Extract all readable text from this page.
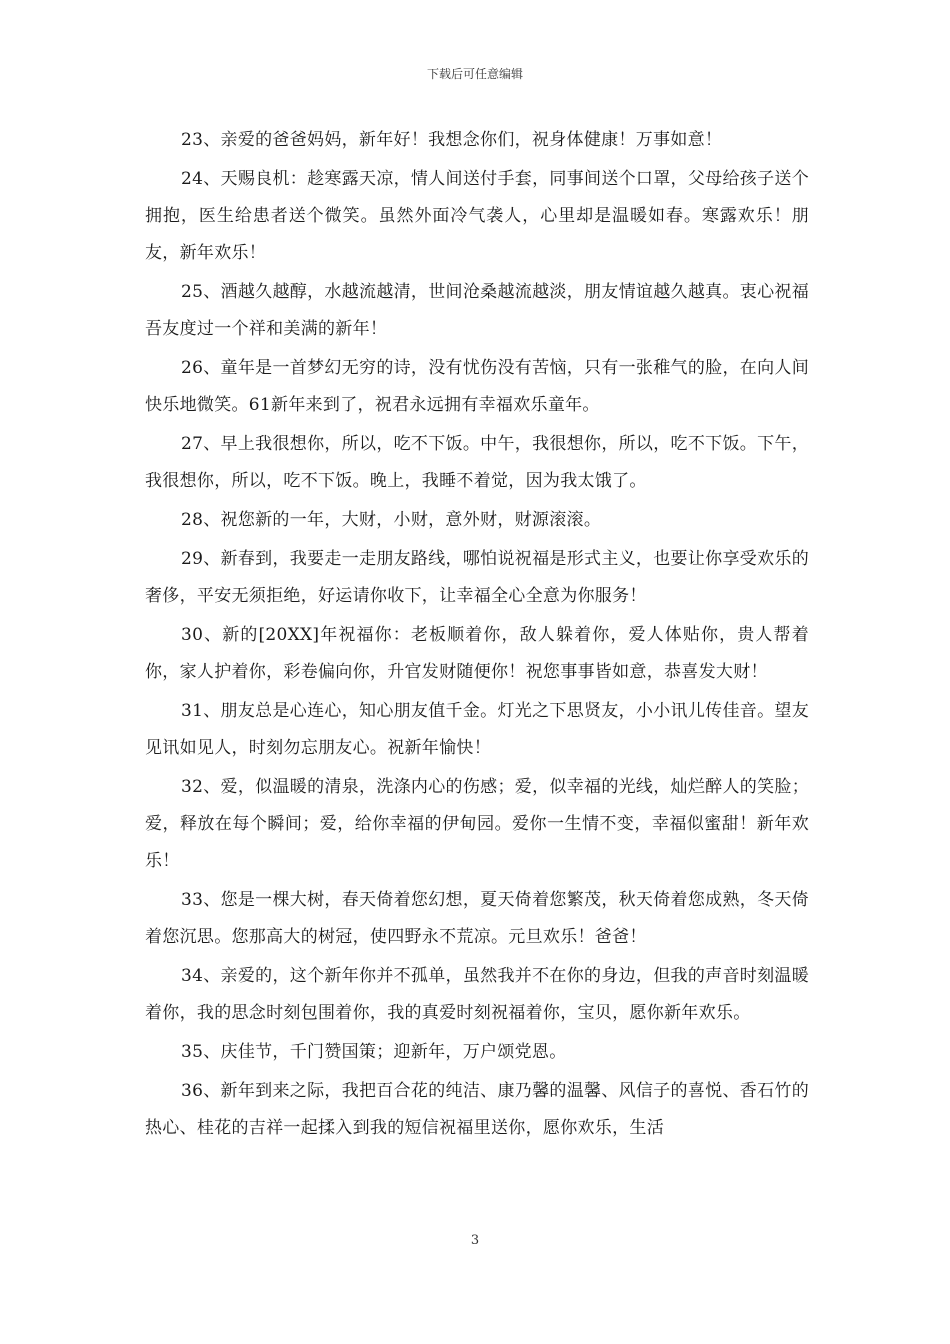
下载后可任意编辑

23、亲爱的爸爸妈妈，新年好！我想念你们，祝身体健康！万事如意！

24、天赐良机：趁寒露天凉，情人间送付手套，同事间送个口罩，父母给孩子送个拥抱，医生给患者送个微笑。虽然外面冷气袭人，心里却是温暖如春。寒露欢乐！朋友，新年欢乐！

25、酒越久越醇，水越流越清，世间沧桑越流越淡，朋友情谊越久越真。衷心祝福吾友度过一个祥和美满的新年！

26、童年是一首梦幻无穷的诗，没有忧伤没有苦恼，只有一张稚气的脸，在向人间快乐地微笑。61新年来到了，祝君永远拥有幸福欢乐童年。

27、早上我很想你，所以，吃不下饭。中午，我很想你，所以，吃不下饭。下午，我很想你，所以，吃不下饭。晚上，我睡不着觉，因为我太饿了。

28、祝您新的一年，大财，小财，意外财，财源滚滚。

29、新春到，我要走一走朋友路线，哪怕说祝福是形式主义，也要让你享受欢乐的奢侈，平安无须拒绝，好运请你收下，让幸福全心全意为你服务！

30、新的[20XX]年祝福你：老板顺着你，敌人躲着你，爱人体贴你，贵人帮着你，家人护着你，彩卷偏向你，升官发财随便你！祝您事事皆如意，恭喜发大财！

31、朋友总是心连心，知心朋友值千金。灯光之下思贤友，小小讯儿传佳音。望友见讯如见人，时刻勿忘朋友心。祝新年愉快！

32、爱，似温暖的清泉，洗涤内心的伤感；爱，似幸福的光线，灿烂醉人的笑脸；爱，释放在每个瞬间；爱，给你幸福的伊甸园。爱你一生情不变，幸福似蜜甜！新年欢乐！

33、您是一棵大树，春天倚着您幻想，夏天倚着您繁茂，秋天倚着您成熟，冬天倚着您沉思。您那高大的树冠，使四野永不荒凉。元旦欢乐！爸爸！

34、亲爱的，这个新年你并不孤单，虽然我并不在你的身边，但我的声音时刻温暖着你，我的思念时刻包围着你，我的真爱时刻祝福着你，宝贝，愿你新年欢乐。

35、庆佳节，千门赞国策；迎新年，万户颂党恩。

36、新年到来之际，我把百合花的纯洁、康乃馨的温馨、风信子的喜悦、香石竹的热心、桂花的吉祥一起揉入到我的短信祝福里送你，愿你欢乐，生活

3
